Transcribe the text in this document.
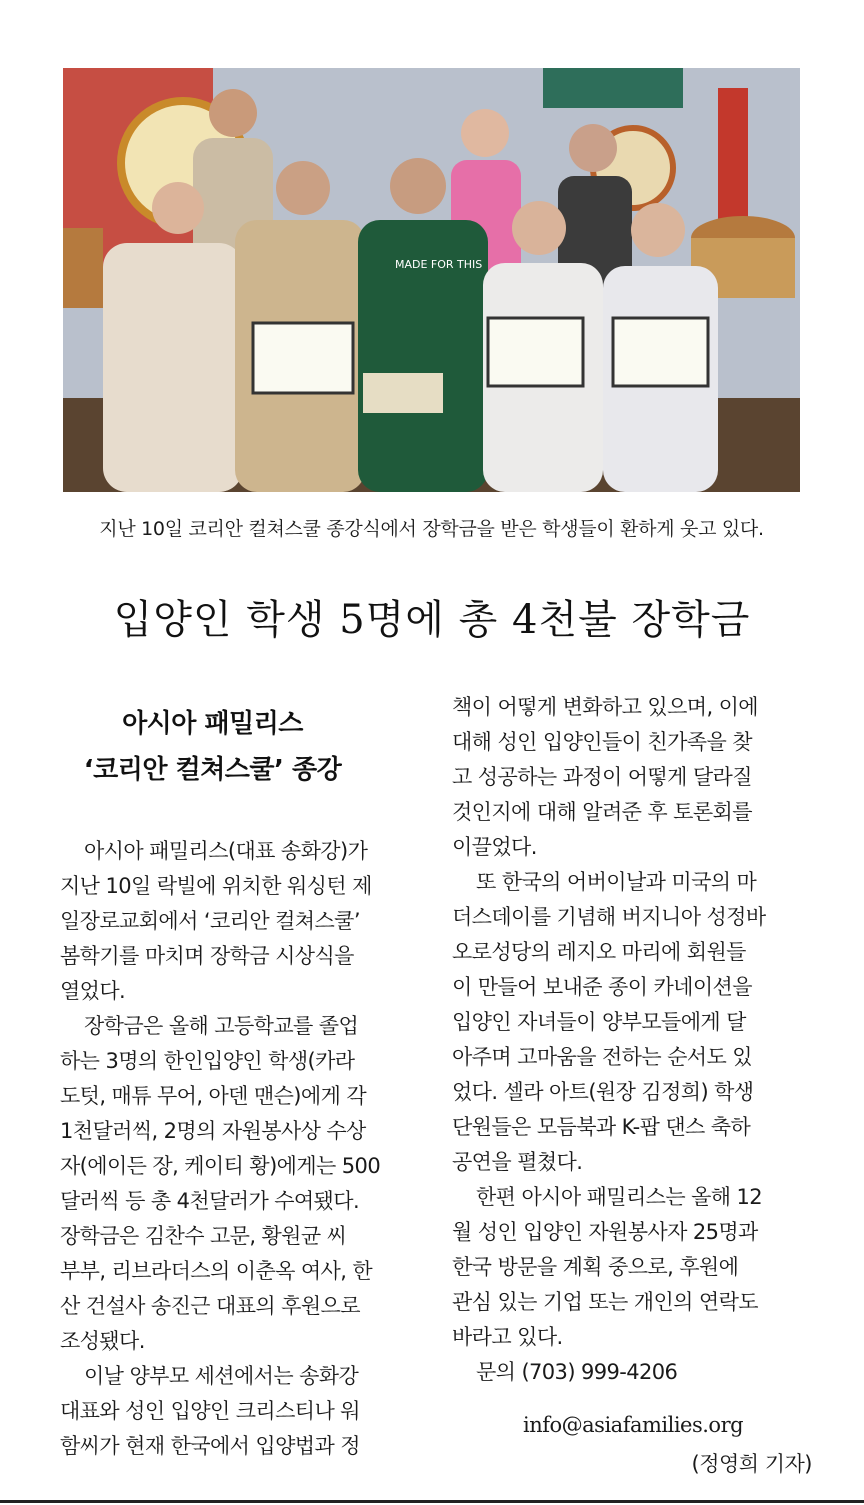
MADE FOR THIS
지난 10일 코리안 컬쳐스쿨 종강식에서 장학금을 받은 학생들이 환하게 웃고 있다.
입양인 학생 5명에 총 4천불 장학금
아시아 패밀리스
‘코리안 컬쳐스쿨’ 종강
아시아 패밀리스(대표 송화강)가
지난 10일 락빌에 위치한 워싱턴 제
일장로교회에서 ‘코리안 컬쳐스쿨’
봄학기를 마치며 장학금 시상식을
열었다.
장학금은 올해 고등학교를 졸업
하는 3명의 한인입양인 학생(카라
도텃, 매튜 무어, 아덴 맨슨)에게 각
1천달러씩, 2명의 자원봉사상 수상
자(에이든 장, 케이티 황)에게는 500
달러씩 등 총 4천달러가 수여됐다.
장학금은 김찬수 고문, 황원균 씨
부부, 리브라더스의 이춘옥 여사, 한
산 건설사 송진근 대표의 후원으로
조성됐다.
이날 양부모 세션에서는 송화강
대표와 성인 입양인 크리스티나 워
함씨가 현재 한국에서 입양법과 정
책이 어떻게 변화하고 있으며, 이에
대해 성인 입양인들이 친가족을 찾
고 성공하는 과정이 어떻게 달라질
것인지에 대해 알려준 후 토론회를
이끌었다.
또 한국의 어버이날과 미국의 마
더스데이를 기념해 버지니아 성정바
오로성당의 레지오 마리에 회원들
이 만들어 보내준 종이 카네이션을
입양인 자녀들이 양부모들에게 달
아주며 고마움을 전하는 순서도 있
었다. 셀라 아트(원장 김정희) 학생
단원들은 모듬북과 K-팝 댄스 축하
공연을 펼쳤다.
한편 아시아 패밀리스는 올해 12
월 성인 입양인 자원봉사자 25명과
한국 방문을 계획 중으로, 후원에
관심 있는 기업 또는 개인의 연락도
바라고 있다.
문의 (703) 999-4206
info@asiafamilies.org
(정영희 기자)
